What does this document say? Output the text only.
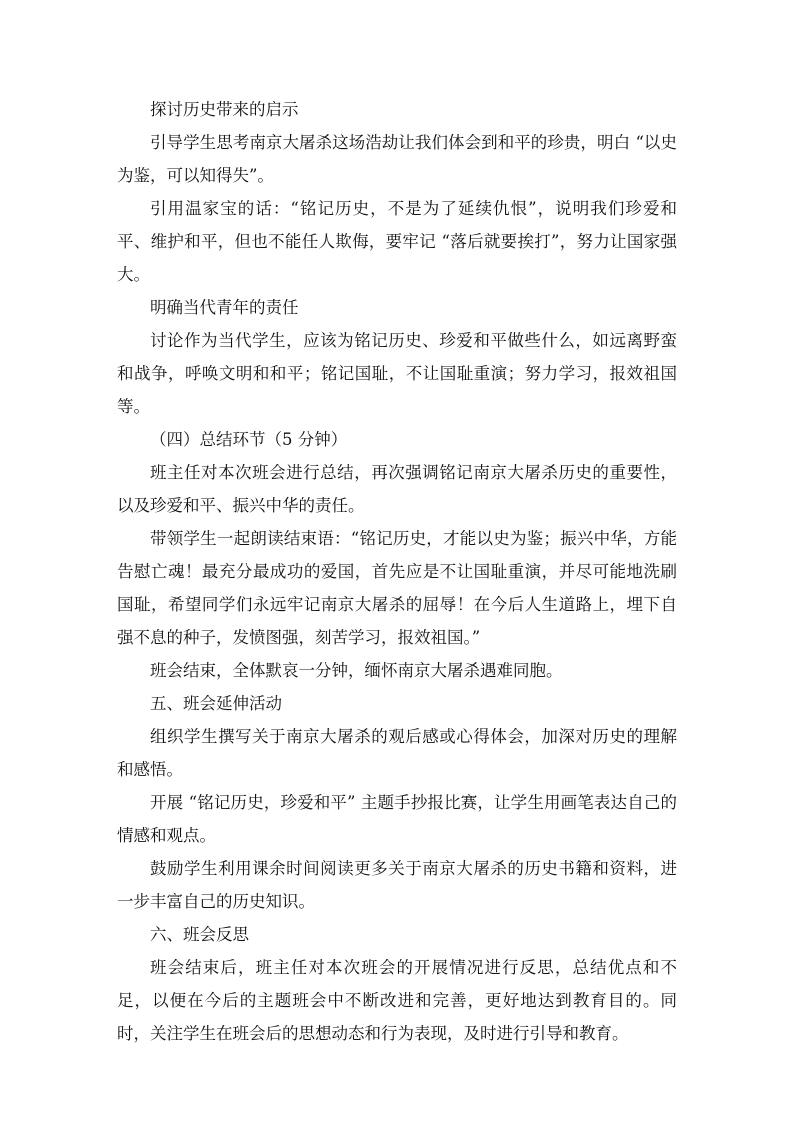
探讨历史带来的启示

引导学生思考南京大屠杀这场浩劫让我们体会到和平的珍贵，明白 “以史为鉴，可以知得失”。

引用温家宝的话：“铭记历史，不是为了延续仇恨”，说明我们珍爱和平、维护和平，但也不能任人欺侮，要牢记 “落后就要挨打”，努力让国家强大。

明确当代青年的责任

讨论作为当代学生，应该为铭记历史、珍爱和平做些什么，如远离野蛮和战争，呼唤文明和和平；铭记国耻，不让国耻重演；努力学习，报效祖国等。

（四）总结环节（5 分钟）

班主任对本次班会进行总结，再次强调铭记南京大屠杀历史的重要性，以及珍爱和平、振兴中华的责任。

带领学生一起朗读结束语：“铭记历史，才能以史为鉴；振兴中华，方能告慰亡魂！最充分最成功的爱国，首先应是不让国耻重演，并尽可能地洗刷国耻，希望同学们永远牢记南京大屠杀的屈辱！在今后人生道路上，埋下自强不息的种子，发愤图强，刻苦学习，报效祖国。”

班会结束，全体默哀一分钟，缅怀南京大屠杀遇难同胞。

五、班会延伸活动

组织学生撰写关于南京大屠杀的观后感或心得体会，加深对历史的理解和感悟。

开展 “铭记历史，珍爱和平” 主题手抄报比赛，让学生用画笔表达自己的情感和观点。

鼓励学生利用课余时间阅读更多关于南京大屠杀的历史书籍和资料，进一步丰富自己的历史知识。

六、班会反思

班会结束后，班主任对本次班会的开展情况进行反思，总结优点和不足，以便在今后的主题班会中不断改进和完善，更好地达到教育目的。同时，关注学生在班会后的思想动态和行为表现，及时进行引导和教育。
